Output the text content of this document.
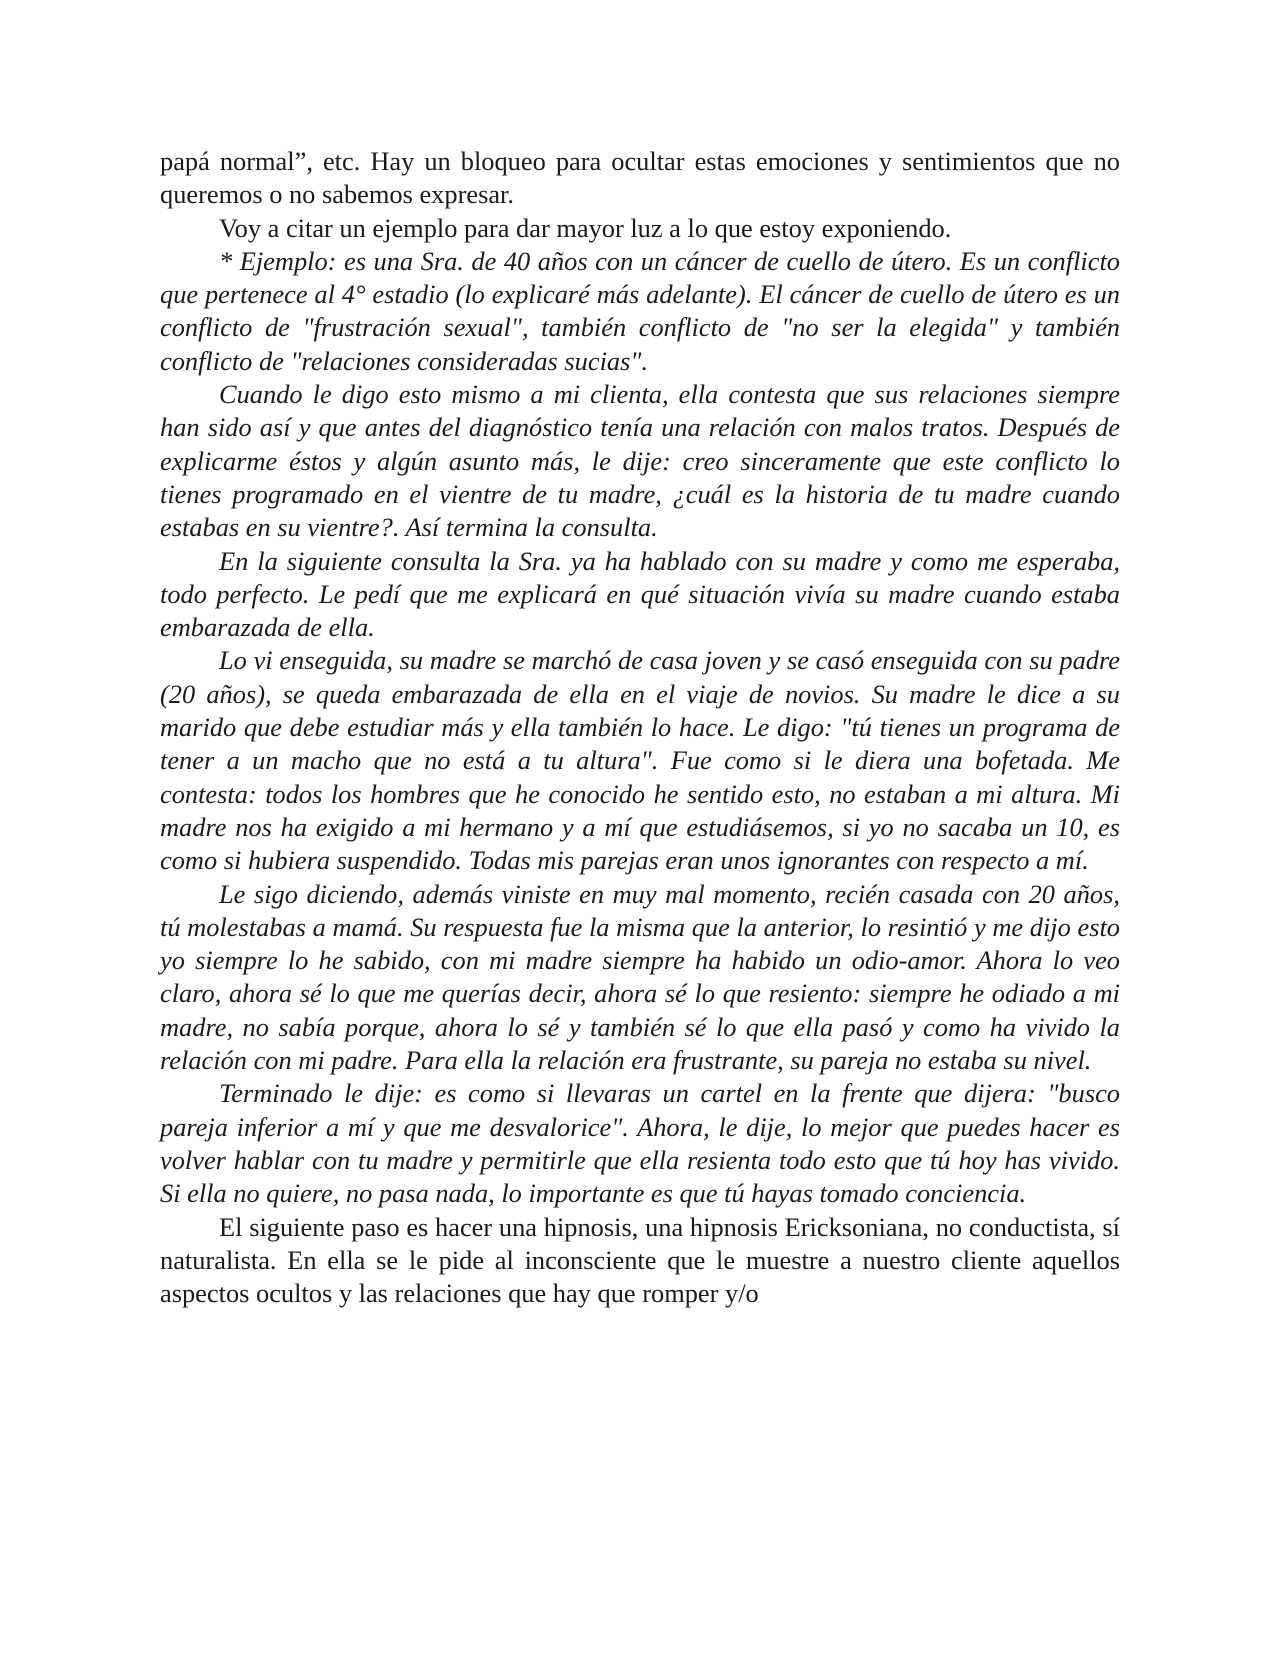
papá normal”, etc. Hay un bloqueo para ocultar estas emociones y sentimientos que no queremos o no sabemos expresar.

Voy a citar un ejemplo para dar mayor luz a lo que estoy exponiendo.

* Ejemplo: es una Sra. de 40 años con un cáncer de cuello de útero. Es un conflicto que pertenece al 4° estadio (lo explicaré más adelante). El cáncer de cuello de útero es un conflicto de "frustración sexual", también conflicto de "no ser la elegida" y también conflicto de "relaciones consideradas sucias".

Cuando le digo esto mismo a mi clienta, ella contesta que sus relaciones siempre han sido así y que antes del diagnóstico tenía una relación con malos tratos. Después de explicarme éstos y algún asunto más, le dije: creo sinceramente que este conflicto lo tienes programado en el vientre de tu madre, ¿cuál es la historia de tu madre cuando estabas en su vientre?. Así termina la consulta.

En la siguiente consulta la Sra. ya ha hablado con su madre y como me esperaba, todo perfecto. Le pedí que me explicará en qué situación vivía su madre cuando estaba embarazada de ella.

Lo vi enseguida, su madre se marchó de casa joven y se casó enseguida con su padre (20 años), se queda embarazada de ella en el viaje de novios. Su madre le dice a su marido que debe estudiar más y ella también lo hace. Le digo: "tú tienes un programa de tener a un macho que no está a tu altura". Fue como si le diera una bofetada. Me contesta: todos los hombres que he conocido he sentido esto, no estaban a mi altura. Mi madre nos ha exigido a mi hermano y a mí que estudiásemos, si yo no sacaba un 10, es como si hubiera suspendido. Todas mis parejas eran unos ignorantes con respecto a mí.

Le sigo diciendo, además viniste en muy mal momento, recién casada con 20 años, tú molestabas a mamá. Su respuesta fue la misma que la anterior, lo resintió y me dijo esto yo siempre lo he sabido, con mi madre siempre ha habido un odio-amor. Ahora lo veo claro, ahora sé lo que me querías decir, ahora sé lo que resiento: siempre he odiado a mi madre, no sabía porque, ahora lo sé y también sé lo que ella pasó y como ha vivido la relación con mi padre. Para ella la relación era frustrante, su pareja no estaba su nivel.

Terminado le dije: es como si llevaras un cartel en la frente que dijera: "busco pareja inferior a mí y que me desvalorice". Ahora, le dije, lo mejor que puedes hacer es volver hablar con tu madre y permitirle que ella resienta todo esto que tú hoy has vivido. Si ella no quiere, no pasa nada, lo importante es que tú hayas tomado conciencia.

El siguiente paso es hacer una hipnosis, una hipnosis Ericksoniana, no conductista, sí naturalista. En ella se le pide al inconsciente que le muestre a nuestro cliente aquellos aspectos ocultos y las relaciones que hay que romper y/o
